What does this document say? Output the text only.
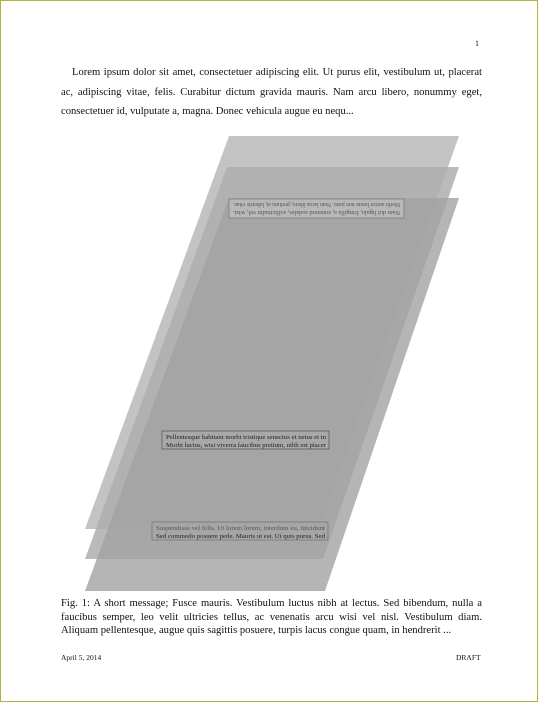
1

Lorem ipsum dolor sit amet, consectetuer adipiscing elit. Ut purus elit, vestibulum ut, placerat ac, adipiscing vitae, felis. Curabitur dictum gravida mauris. Nam arcu libero, nonummy eget, consectetuer id, vulputate a, magna. Donec vehicula augue eu nequ...

Nam dui ligula, fringilla a, euismod sodales, sollicitudin vel, wisi.
Morbi auctor lorem non justo. Nam lacus libero, pretium at, lobortis vitae.
Pellentesque habitant morbi tristique senectus et netus et in
Morbi luctus, wisi viverra faucibus pretium, nibh est placer
Suspendisse vel felis. Ut lorem lorem, interdum eu, tincidunt
Sed commodo posuere pede. Mauris ut est. Ut quis purus. Sed

Fig. 1: A short message; Fusce mauris. Vestibulum luctus nibh at lectus. Sed bibendum, nulla a faucibus semper, leo velit ultricies tellus, ac venenatis arcu wisi vel nisl. Vestibulum diam. Aliquam pellentesque, augue quis sagittis posuere, turpis lacus congue quam, in hendrerit ...

April 5, 2014	DRAFT
